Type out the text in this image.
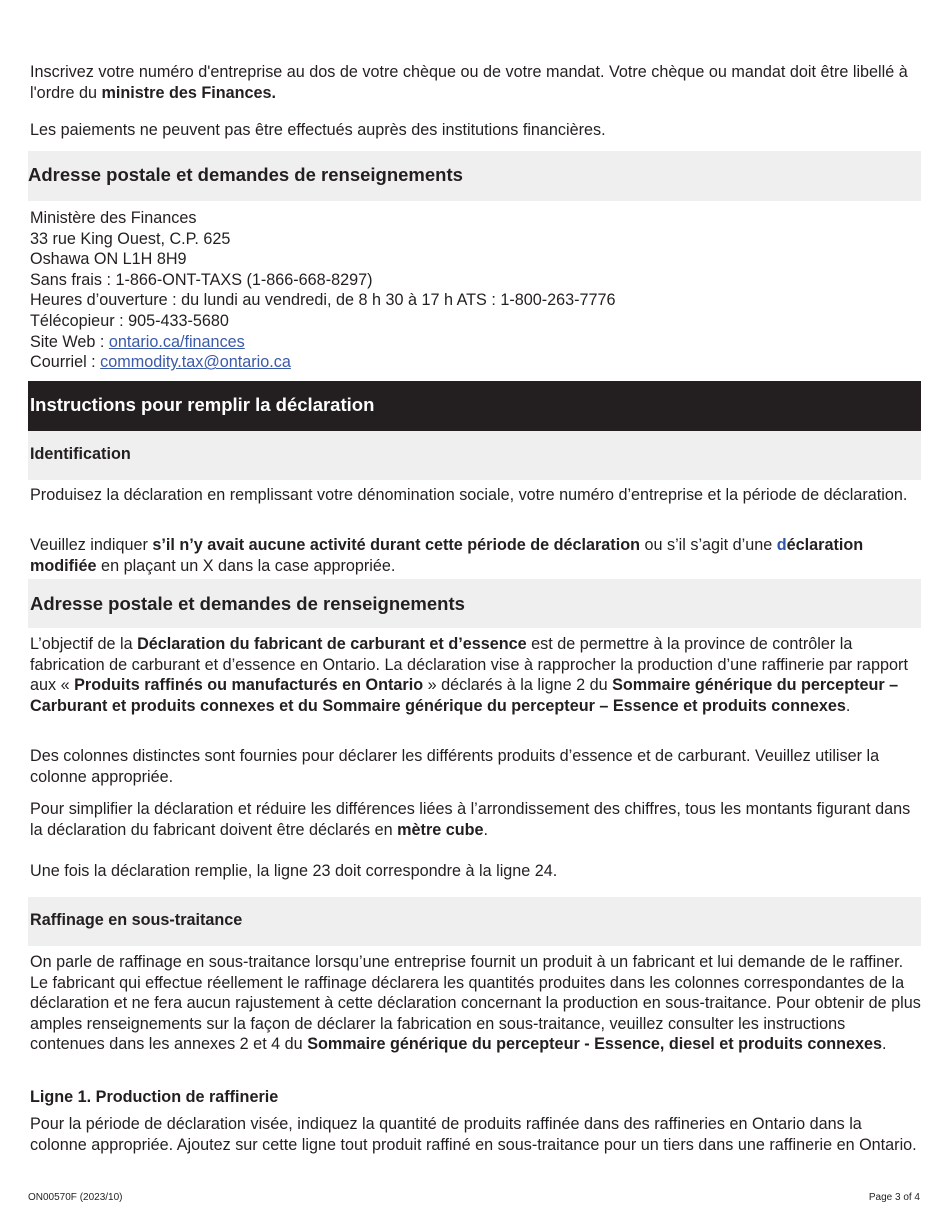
Inscrivez votre numéro d'entreprise au dos de votre chèque ou de votre mandat. Votre chèque ou mandat doit être libellé à l'ordre du ministre des Finances.

Les paiements ne peuvent pas être effectués auprès des institutions financières.

Adresse postale et demandes de renseignements
Ministère des Finances
33 rue King Ouest, C.P. 625
Oshawa ON L1H 8H9
Sans frais : 1-866-ONT-TAXS (1-866-668-8297)
Heures d’ouverture : du lundi au vendredi, de 8 h 30 à 17 h ATS : 1-800-263-7776
Télécopieur : 905-433-5680
Site Web : ontario.ca/finances
Courriel : commodity.tax@ontario.ca
Instructions pour remplir la déclaration
Identification

Produisez la déclaration en remplissant votre dénomination sociale, votre numéro d’entreprise et la période de déclaration.

Veuillez indiquer s’il n’y avait aucune activité durant cette période de déclaration ou s’il s’agit d’une déclaration modifiée en plaçant un X dans la case appropriée.

Adresse postale et demandes de renseignements

L’objectif de la Déclaration du fabricant de carburant et d’essence est de permettre à la province de contrôler la fabrication de carburant et d’essence en Ontario. La déclaration vise à rapprocher la production d’une raffinerie par rapport aux « Produits raffinés ou manufacturés en Ontario » déclarés à la ligne 2 du Sommaire générique du percepteur – Carburant et produits connexes et du Sommaire générique du percepteur – Essence et produits connexes.

Des colonnes distinctes sont fournies pour déclarer les différents produits d’essence et de carburant. Veuillez utiliser la colonne appropriée.

Pour simplifier la déclaration et réduire les différences liées à l’arrondissement des chiffres, tous les montants figurant dans la déclaration du fabricant doivent être déclarés en mètre cube.

Une fois la déclaration remplie, la ligne 23 doit correspondre à la ligne 24.

Raffinage en sous-traitance

On parle de raffinage en sous-traitance lorsqu’une entreprise fournit un produit à un fabricant et lui demande de le raffiner. Le fabricant qui effectue réellement le raffinage déclarera les quantités produites dans les colonnes correspondantes de la déclaration et ne fera aucun rajustement à cette déclaration concernant la production en sous-traitance. Pour obtenir de plus amples renseignements sur la façon de déclarer la fabrication en sous-traitance, veuillez consulter les instructions contenues dans les annexes 2 et 4 du Sommaire générique du percepteur - Essence, diesel et produits connexes.

Ligne 1. Production de raffinerie

Pour la période de déclaration visée, indiquez la quantité de produits raffinée dans des raffineries en Ontario dans la colonne appropriée. Ajoutez sur cette ligne tout produit raffiné en sous-traitance pour un tiers dans une raffinerie en Ontario.

ON00570F (2023/10)	Page 3 of 4
